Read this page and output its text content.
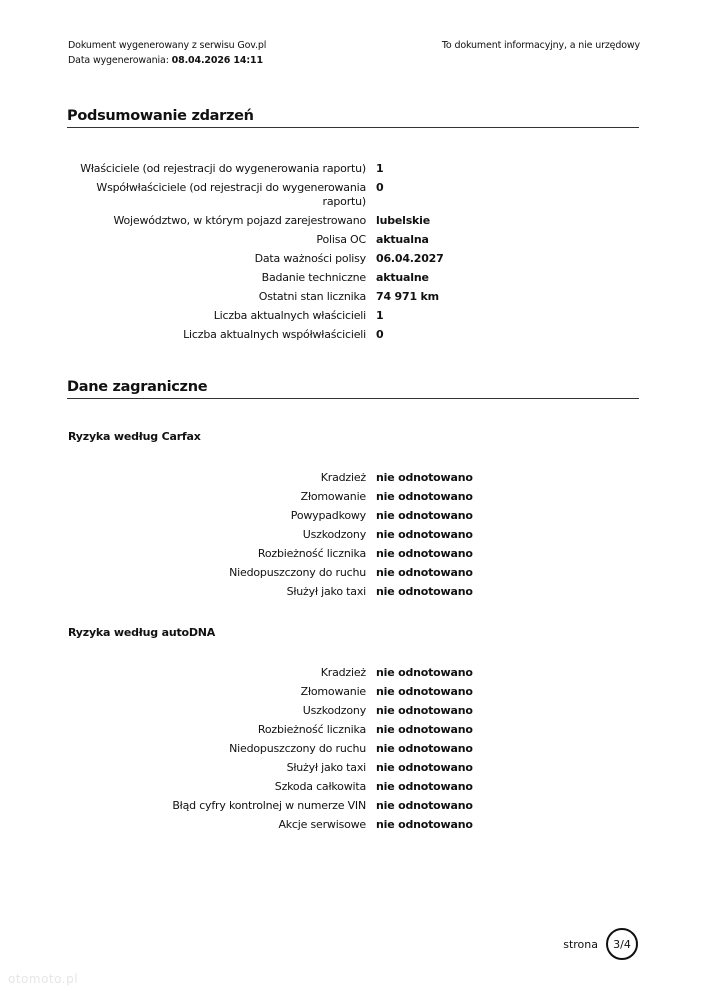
Dokument wygenerowany z serwisu Gov.pl
Data wygenerowania: 08.04.2026 14:11
To dokument informacyjny, a nie urzędowy
Podsumowanie zdarzeń
Właściciele (od rejestracji do wygenerowania raportu) 1
Współwłaściciele (od rejestracji do wygenerowania raportu)
0
Województwo, w którym pojazd zarejestrowano lubelskie
Polisa OC aktualna
Data ważności polisy 06.04.2027
Badanie techniczne aktualne
Ostatni stan licznika 74 971 km
Liczba aktualnych właścicieli 1
Liczba aktualnych współwłaścicieli 0
Dane zagraniczne
Ryzyka według Carfax
Kradzież nie odnotowano
Złomowanie nie odnotowano
Powypadkowy nie odnotowano
Uszkodzony nie odnotowano
Rozbieżność licznika nie odnotowano
Niedopuszczony do ruchu nie odnotowano
Służył jako taxi nie odnotowano
Ryzyka według autoDNA
Kradzież nie odnotowano
Złomowanie nie odnotowano
Uszkodzony nie odnotowano
Rozbieżność licznika nie odnotowano
Niedopuszczony do ruchu nie odnotowano
Służył jako taxi nie odnotowano
Szkoda całkowita nie odnotowano
Błąd cyfry kontrolnej w numerze VIN nie odnotowano
Akcje serwisowe nie odnotowano
strona 3/4
otomoto.pl
